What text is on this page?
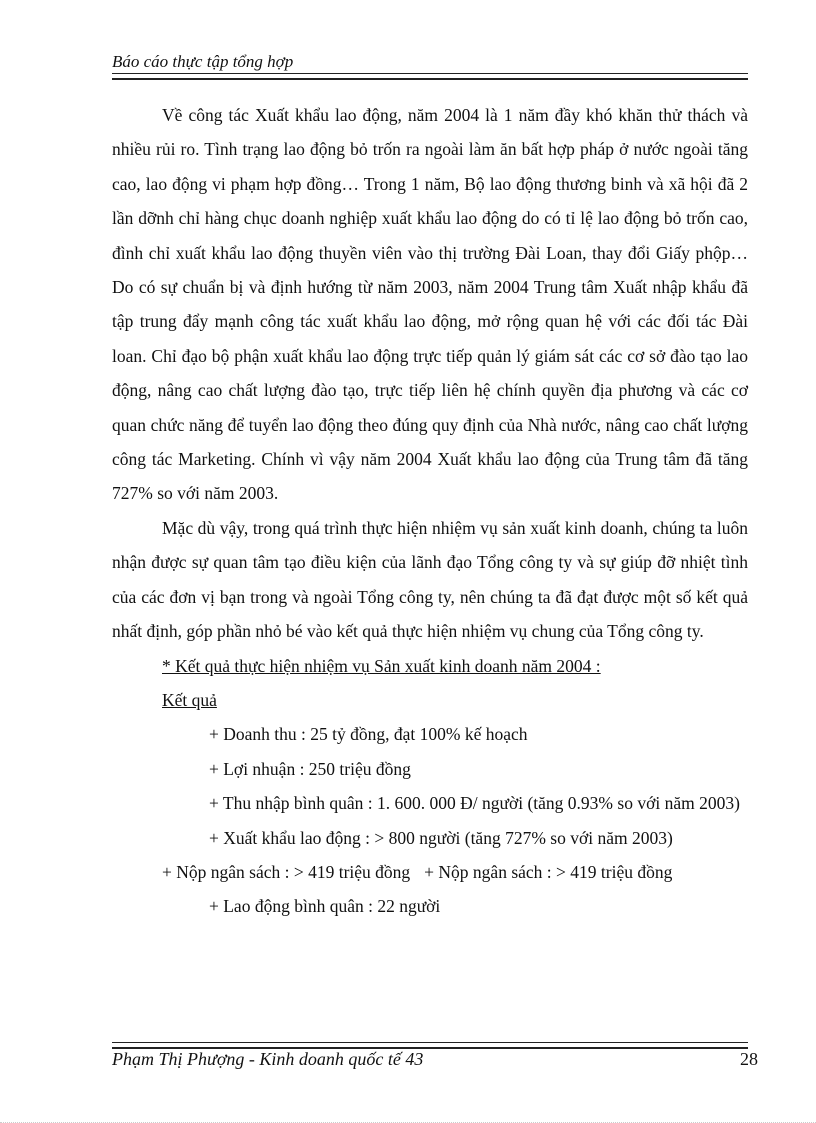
Báo cáo thực tập tổng hợp

Về công tác Xuất khẩu lao động, năm 2004 là 1 năm đầy khó khăn thử thách và nhiều rủi ro. Tình trạng lao động bỏ trốn ra ngoài làm ăn bất hợp pháp ở nước ngoài tăng cao, lao động vi phạm hợp đồng… Trong 1 năm, Bộ lao động thương binh và xã hội đã 2 lần dỡnh chỉ hàng chục doanh nghiệp xuất khẩu lao động do có tỉ lệ lao động bỏ trốn cao, đình chỉ xuất khẩu lao động thuyền viên vào thị trường Đài Loan, thay đổi Giấy phộp… Do có sự chuẩn bị và định hướng từ năm 2003, năm 2004 Trung tâm Xuất nhập khẩu đã tập trung đẩy mạnh công tác xuất khẩu lao động, mở rộng quan hệ với các đối tác Đài loan. Chỉ đạo bộ phận xuất khẩu lao động trực tiếp quản lý giám sát các cơ sở đào tạo lao động, nâng cao chất lượng đào tạo, trực tiếp liên hệ chính quyền địa phương và các cơ quan chức năng để tuyển lao động theo đúng quy định của Nhà nước, nâng cao chất lượng công tác Marketing. Chính vì vậy năm 2004 Xuất khẩu lao động của Trung tâm đã tăng 727% so với năm 2003.

Mặc dù vậy, trong quá trình thực hiện nhiệm vụ sản xuất kinh doanh, chúng ta luôn nhận được sự quan tâm tạo điều kiện của lãnh đạo Tổng công ty và sự giúp đỡ nhiệt tình của các đơn vị bạn trong và ngoài Tổng công ty, nên chúng ta đã đạt được một số kết quả nhất định, góp phần nhỏ bé vào kết quả thực hiện nhiệm vụ chung của Tổng công ty.

* Kết quả thực hiện nhiệm vụ Sản xuất kinh doanh năm 2004 :

Kết quả

+ Doanh thu : 25 tỷ đồng, đạt 100% kế hoạch

+ Lợi nhuận : 250 triệu đồng

+ Thu nhập bình quân : 1. 600. 000 Đ/ người (tăng 0.93% so với năm 2003)

+ Xuất khẩu lao động : > 800 người (tăng 727% so với năm 2003)

+ Nộp ngân sách : > 419 triệu đồng + Nộp ngân sách : > 419 triệu đồng

+ Lao động bình quân : 22 người

Phạm Thị Phượng - Kinh doanh quốc tế 43	28
